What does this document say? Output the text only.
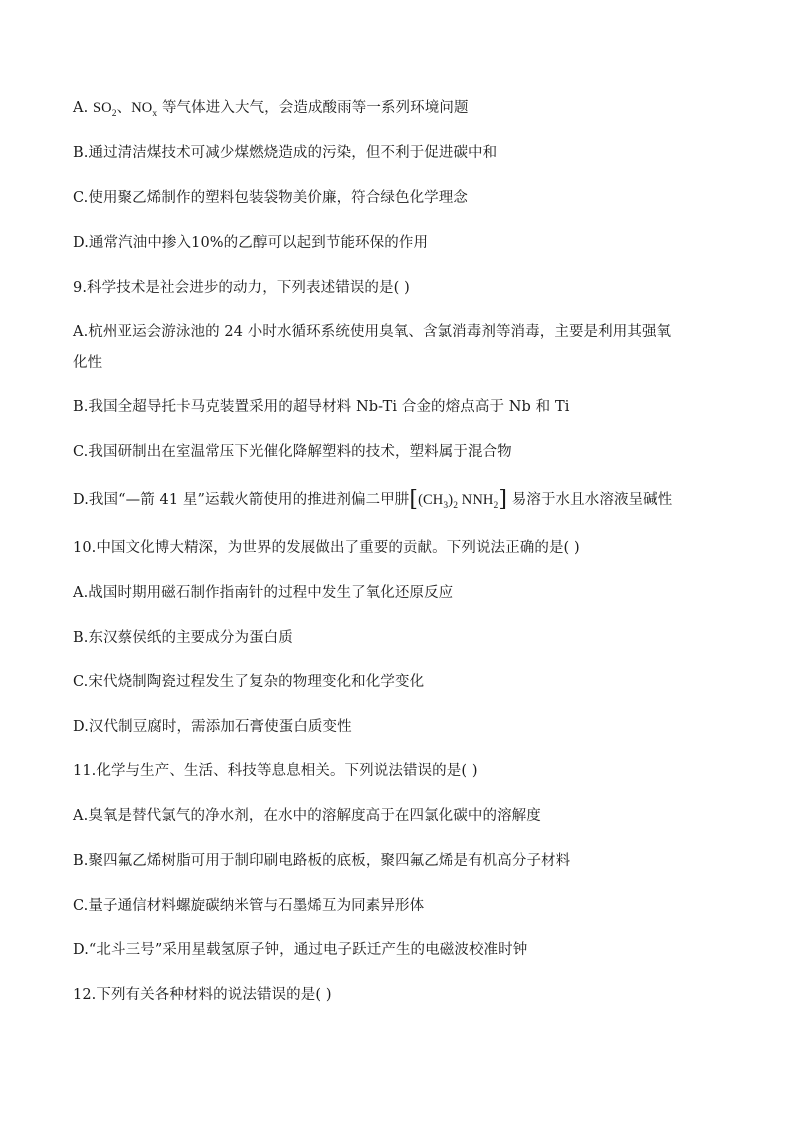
A. $SO_2$、$NO_x$ 等气体进入大气，会造成酸雨等一系列环境问题
B.通过清洁煤技术可减少煤燃烧造成的污染，但不利于促进碳中和
C.使用聚乙烯制作的塑料包装袋物美价廉，符合绿色化学理念
D.通常汽油中掺入10%的乙醇可以起到节能环保的作用
9.科学技术是社会进步的动力，下列表述错误的是( )
A.杭州亚运会游泳池的 24 小时水循环系统使用臭氧、含氯消毒剂等消毒，主要是利用其强氧
化性
B.我国全超导托卡马克装置采用的超导材料 Nb-Ti 合金的熔点高于 Nb 和 Ti
C.我国研制出在室温常压下光催化降解塑料的技术，塑料属于混合物
D.我国“—箭 41 星”运载火箭使用的推进剂偏二甲肼[$(CH_3)_2$ $NNH_2$] 易溶于水且水溶液呈碱性
10.中国文化博大精深，为世界的发展做出了重要的贡献。下列说法正确的是( )
A.战国时期用磁石制作指南针的过程中发生了氧化还原反应
B.东汉蔡侯纸的主要成分为蛋白质
C.宋代烧制陶瓷过程发生了复杂的物理变化和化学变化
D.汉代制豆腐时，需添加石膏使蛋白质变性
11.化学与生产、生活、科技等息息相关。下列说法错误的是( )
A.臭氧是替代氯气的净水剂，在水中的溶解度高于在四氯化碳中的溶解度
B.聚四氟乙烯树脂可用于制印刷电路板的底板，聚四氟乙烯是有机高分子材料
C.量子通信材料螺旋碳纳米管与石墨烯互为同素异形体
D.“北斗三号”采用星载氢原子钟，通过电子跃迁产生的电磁波校准时钟
12.下列有关各种材料的说法错误的是( )
